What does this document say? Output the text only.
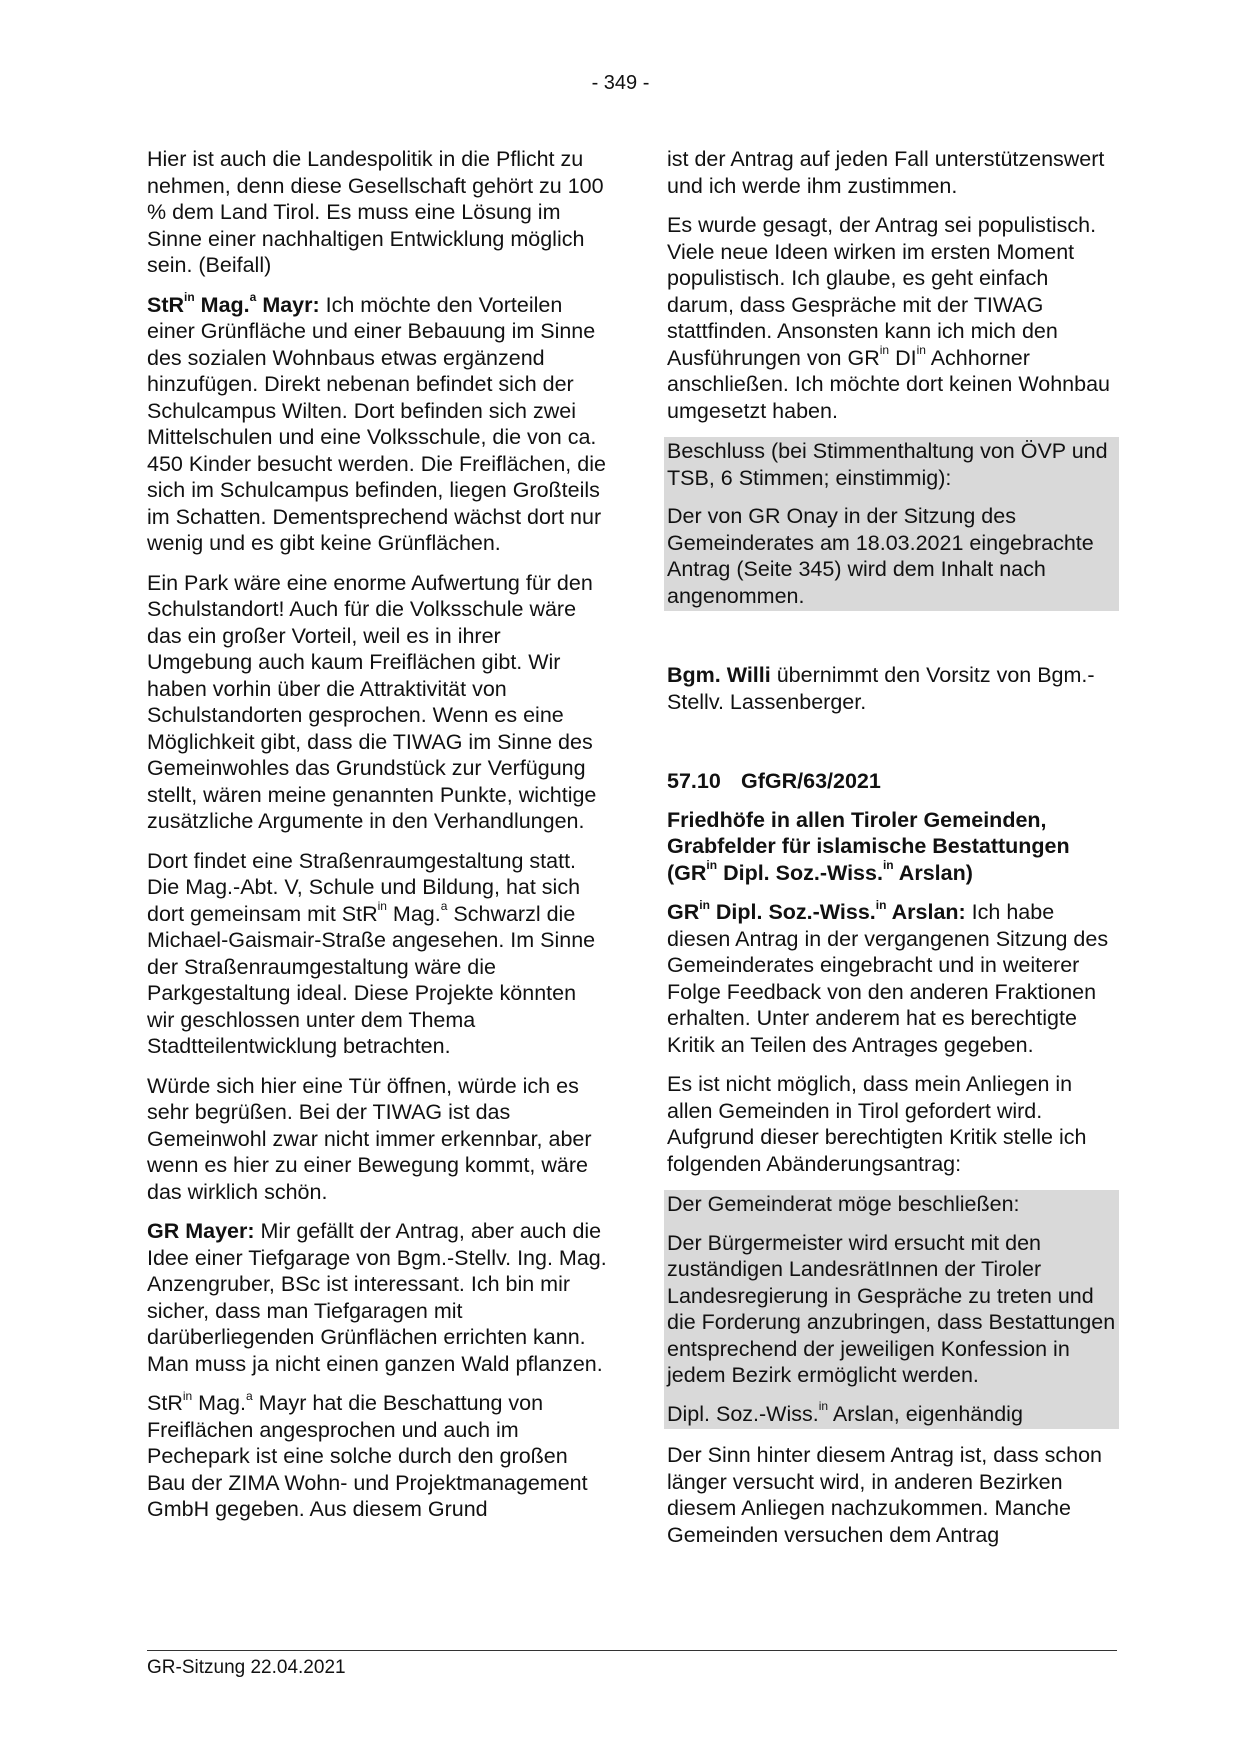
- 349 -

Hier ist auch die Landespolitik in die Pflicht zu nehmen, denn diese Gesellschaft gehört zu 100 % dem Land Tirol. Es muss eine Lösung im Sinne einer nachhaltigen Entwicklung möglich sein. (Beifall)

StR$^{in}$ Mag.$^a$ Mayr: Ich möchte den Vorteilen einer Grünfläche und einer Bebauung im Sinne des sozialen Wohnbaus etwas ergänzend hinzufügen. Direkt nebenan befindet sich der Schulcampus Wilten. Dort befinden sich zwei Mittelschulen und eine Volksschule, die von ca. 450 Kinder besucht werden. Die Freiflächen, die sich im Schulcampus befinden, liegen Großteils im Schatten. Dementsprechend wächst dort nur wenig und es gibt keine Grünflächen.

Ein Park wäre eine enorme Aufwertung für den Schulstandort! Auch für die Volksschule wäre das ein großer Vorteil, weil es in ihrer Umgebung auch kaum Freiflächen gibt. Wir haben vorhin über die Attraktivität von Schulstandorten gesprochen. Wenn es eine Möglichkeit gibt, dass die TIWAG im Sinne des Gemeinwohles das Grundstück zur Verfügung stellt, wären meine genannten Punkte, wichtige zusätzliche Argumente in den Verhandlungen.

Dort findet eine Straßenraumgestaltung statt. Die Mag.-Abt. V, Schule und Bildung, hat sich dort gemeinsam mit StR$^{in}$ Mag.$^a$ Schwarzl die Michael-Gaismair-Straße angesehen. Im Sinne der Straßenraumgestaltung wäre die Parkgestaltung ideal. Diese Projekte könnten wir geschlossen unter dem Thema Stadtteilentwicklung betrachten.

Würde sich hier eine Tür öffnen, würde ich es sehr begrüßen. Bei der TIWAG ist das Gemeinwohl zwar nicht immer erkennbar, aber wenn es hier zu einer Bewegung kommt, wäre das wirklich schön.

GR Mayer: Mir gefällt der Antrag, aber auch die Idee einer Tiefgarage von Bgm.-Stellv. Ing. Mag. Anzengruber, BSc ist interessant. Ich bin mir sicher, dass man Tiefgaragen mit darüberliegenden Grünflächen errichten kann. Man muss ja nicht einen ganzen Wald pflanzen.

StR$^{in}$ Mag.$^a$ Mayr hat die Beschattung von Freiflächen angesprochen und auch im Pechepark ist eine solche durch den großen Bau der ZIMA Wohn- und Projektmanagement GmbH gegeben. Aus diesem Grund

ist der Antrag auf jeden Fall unterstützenswert und ich werde ihm zustimmen.

Es wurde gesagt, der Antrag sei populistisch. Viele neue Ideen wirken im ersten Moment populistisch. Ich glaube, es geht einfach darum, dass Gespräche mit der TIWAG stattfinden. Ansonsten kann ich mich den Ausführungen von $GR^{in}$ $DI^{in}$ Achhorner anschließen. Ich möchte dort keinen Wohnbau umgesetzt haben.

Beschluss (bei Stimmenthaltung von ÖVP und TSB, 6 Stimmen; einstimmig):

Der von GR Onay in der Sitzung des Gemeinderates am 18.03.2021 eingebrachte Antrag (Seite 345) wird dem Inhalt nach angenommen.

Bgm. Willi übernimmt den Vorsitz von Bgm.-Stellv. Lassenberger.

57.10 GfGR/63/2021

Friedhöfe in allen Tiroler Gemeinden, Grabfelder für islamische Bestattungen ($GR^{in}$ Dipl. Soz.-Wiss.$^{in}$ Arslan)

$GR^{in}$ Dipl. Soz.-Wiss.$^{in}$ Arslan: Ich habe diesen Antrag in der vergangenen Sitzung des Gemeinderates eingebracht und in weiterer Folge Feedback von den anderen Fraktionen erhalten. Unter anderem hat es berechtigte Kritik an Teilen des Antrages gegeben.

Es ist nicht möglich, dass mein Anliegen in allen Gemeinden in Tirol gefordert wird. Aufgrund dieser berechtigten Kritik stelle ich folgenden Abänderungsantrag:

Der Gemeinderat möge beschließen:

Der Bürgermeister wird ersucht mit den zuständigen LandesrätInnen der Tiroler Landesregierung in Gespräche zu treten und die Forderung anzubringen, dass Bestattungen entsprechend der jeweiligen Konfession in jedem Bezirk ermöglicht werden.

Dipl. Soz.-Wiss.$^{in}$ Arslan, eigenhändig

Der Sinn hinter diesem Antrag ist, dass schon länger versucht wird, in anderen Bezirken diesem Anliegen nachzukommen. Manche Gemeinden versuchen dem Antrag

GR-Sitzung 22.04.2021
